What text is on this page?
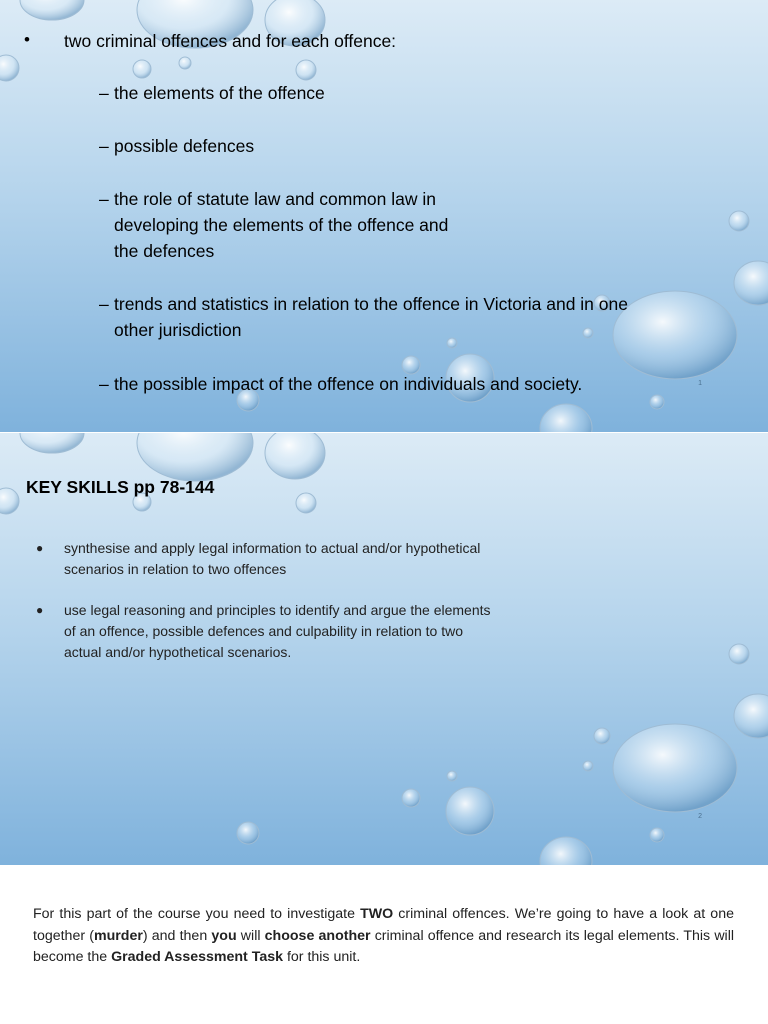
• two criminal offences and for each offence:
– the elements of the offence
– possible defences
– the role of statute law and common law in
developing the elements of the offence and
the defences
– trends and statistics in relation to the offence in Victoria and in one
other jurisdiction
– the possible impact of the offence on individuals and society.	1
KEY SKILLS pp 78-144
● synthesise and apply legal information to actual and/or hypothetical
scenarios in relation to two offences
● use legal reasoning and principles to identify and argue the elements
of an offence, possible defences and culpability in relation to two
actual and/or hypothetical scenarios.
2
For this part of the course you need to investigate TWO criminal offences. We’re going to have a look at one together (murder) and then you will choose another criminal offence and research its legal elements. This will become the Graded Assessment Task for this unit.
